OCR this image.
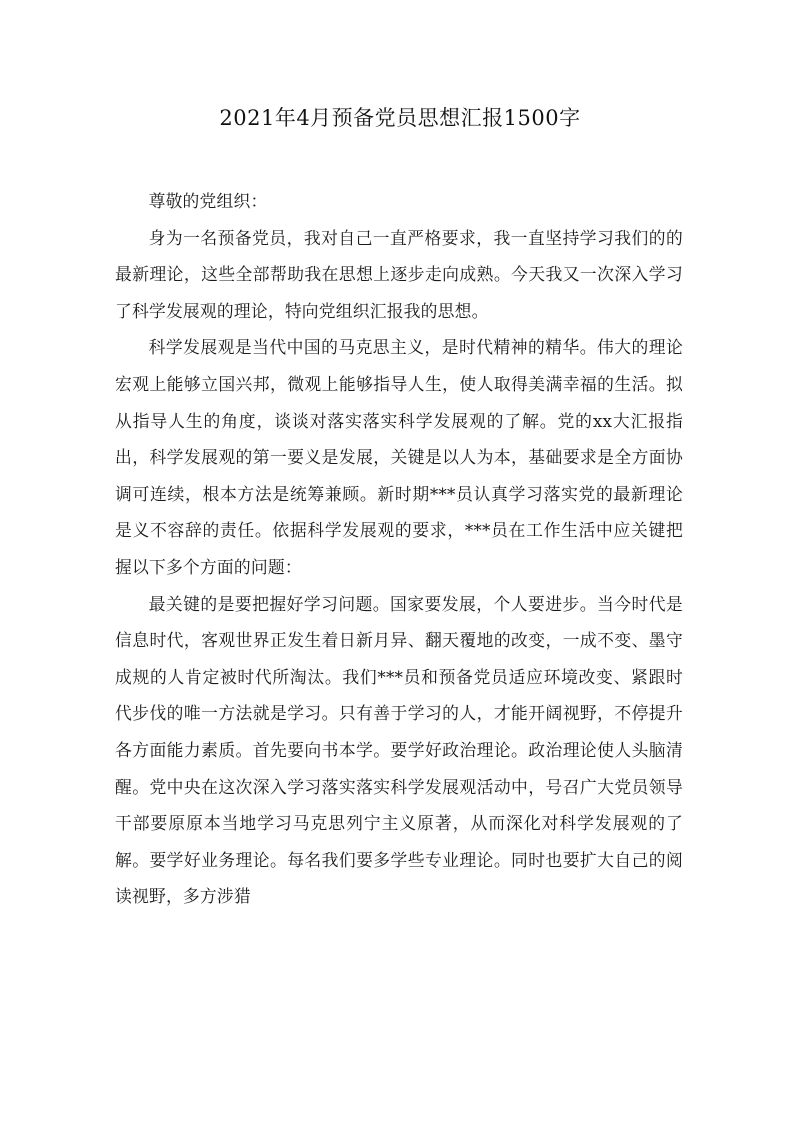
2021年4月预备党员思想汇报1500字

尊敬的党组织：

身为一名预备党员，我对自己一直严格要求，我一直坚持学习我们的的最新理论，这些全部帮助我在思想上逐步走向成熟。今天我又一次深入学习了科学发展观的理论，特向党组织汇报我的思想。

科学发展观是当代中国的马克思主义，是时代精神的精华。伟大的理论宏观上能够立国兴邦，微观上能够指导人生，使人取得美满幸福的生活。拟从指导人生的角度，谈谈对落实落实科学发展观的了解。党的xx大汇报指出，科学发展观的第一要义是发展，关键是以人为本，基础要求是全方面协调可连续，根本方法是统筹兼顾。新时期***员认真学习落实党的最新理论是义不容辞的责任。依据科学发展观的要求，***员在工作生活中应关键把握以下多个方面的问题：

最关键的是要把握好学习问题。国家要发展，个人要进步。当今时代是信息时代，客观世界正发生着日新月异、翻天覆地的改变，一成不变、墨守成规的人肯定被时代所淘汰。我们***员和预备党员适应环境改变、紧跟时代步伐的唯一方法就是学习。只有善于学习的人，才能开阔视野，不停提升各方面能力素质。首先要向书本学。要学好政治理论。政治理论使人头脑清醒。党中央在这次深入学习落实落实科学发展观活动中，号召广大党员领导干部要原原本当地学习马克思列宁主义原著，从而深化对科学发展观的了解。要学好业务理论。每名我们要多学些专业理论。同时也要扩大自己的阅读视野，多方涉猎
